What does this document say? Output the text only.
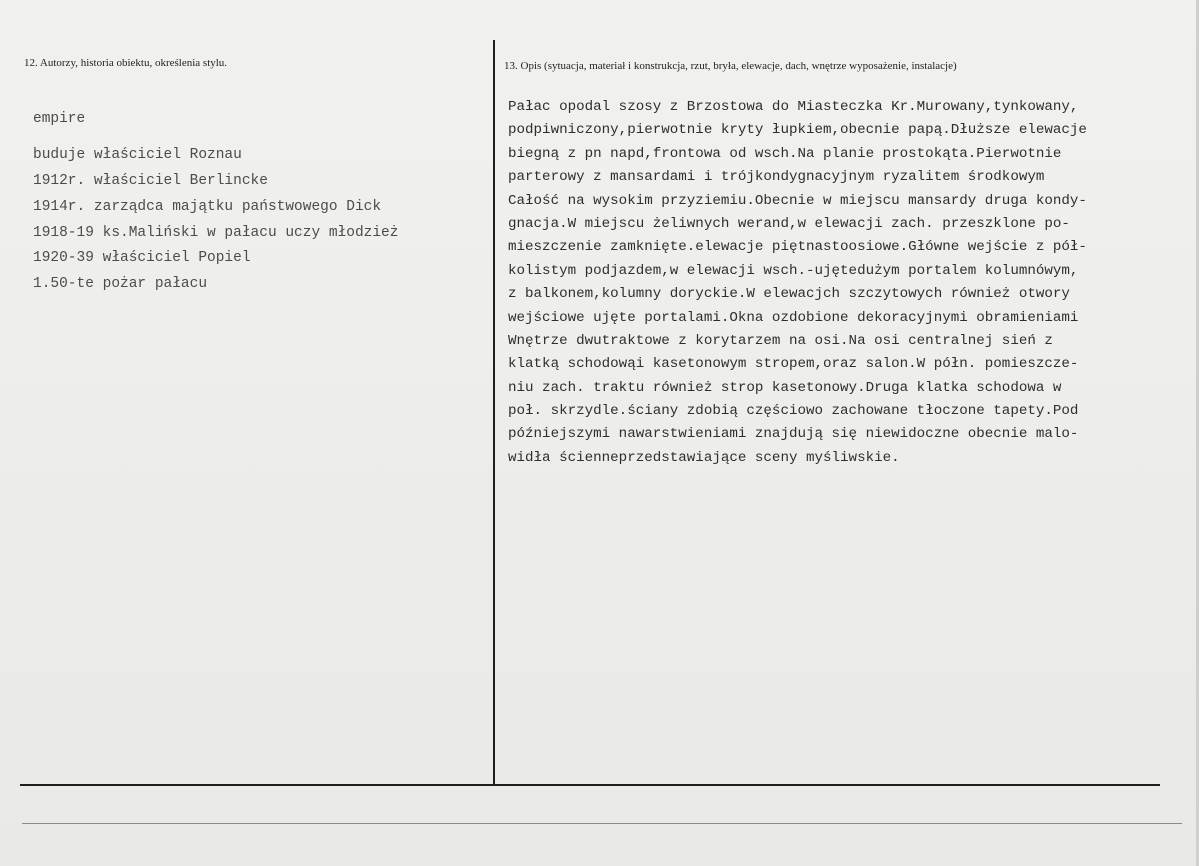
12. Autorzy, historia obiektu, określenia stylu.	13. Opis (sytuacja, materiał i konstrukcja, rzut, bryła, elewacje, dach, wnętrze wyposażenie, instalacje)
empire
buduje właściciel Roznau
1912r. właściciel Berlincke
1914r. zarządca majątku państwowego Dick
1918-19 ks.Maliński w pałacu uczy młodzież
1920-39 właściciel Popiel
1.50-te pożar pałacu
Pałac opodal szosy z Brzostowa do Miasteczka Kr.Murowany,tynkowany,
podpiwniczony,pierwotnie kryty łupkiem,obecnie papą.Dłuższe elewacje
biegną z pn napd,frontowa od wsch.Na planie prostokąta.Pierwotnie
parterowy z mansardami i trójkondygnacyjnym ryzalitem środkowym
Całość na wysokim przyziemiu.Obecnie w miejscu mansardy druga kondy-
gnacja.W miejscu żeliwnych werand,w elewacji zach. przeszklone po-
mieszczenie zamknięte.elewacje piętnastoosiowe.Główne wejście z pół-
kolistym podjazdem,w elewacji wsch.-ujętedużym portalem kolumnówym,
z balkonem,kolumny doryckie.W elewacjch szczytowych również otwory
wejściowe ujęte portalami.Okna ozdobione dekoracyjnymi obramieniami
Wnętrze dwutraktowe z korytarzem na osi.Na osi centralnej sień z
klatką schodowąi kasetonowym stropem,oraz salon.W półn. pomieszcze-
niu zach. traktu również strop kasetonowy.Druga klatka schodowa w
poł. skrzydle.ściany zdobią częściowo zachowane tłoczone tapety.Pod
późniejszymi nawarstwieniami znajdują się niewidoczne obecnie malo-
widła ścienneprzedstawiające sceny myśliwskie.
